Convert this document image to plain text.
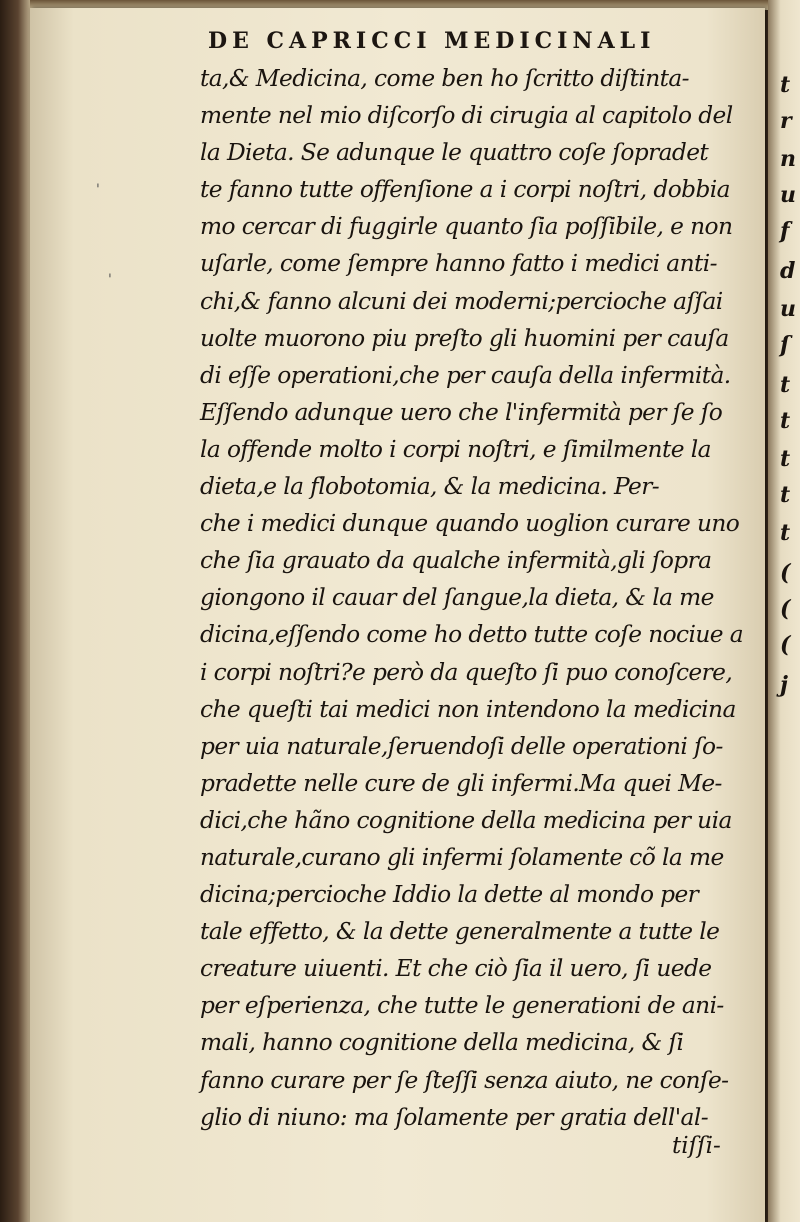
DE CAPRICCI MEDICINALI
ta,& Medicina, come ben ho ſcritto diſtinta-
mente nel mio diſcorſo di cirugia al capitolo del
la Dieta. Se adunque le quattro coſe ſopradet
te fanno tutte offenſione a i corpi noſtri, dobbia
mo cercar di fuggirle quanto ſia poſſibile, e non
uſarle, come ſempre hanno fatto i medici anti-
chi,& fanno alcuni dei moderni;percioche aſſai
uolte muorono piu preſto gli huomini per cauſa
di eſſe operationi,che per cauſa della infermità.
Eſſendo adunque uero che l'infermità per ſe ſo
la offende molto i corpi noſtri, e ſimilmente la
dieta,e la flobotomia, & la medicina. Per-
che i medici dunque quando uoglion curare uno
che ſia grauato da qualche infermità,gli ſopra
giongono il cauar del ſangue,la dieta, & la me
dicina,eſſendo come ho detto tutte coſe nociue a
i corpi noſtri?e però da queſto ſi puo conoſcere,
che queſti tai medici non intendono la medicina
per uia naturale,ſeruendoſi delle operationi ſo-
pradette nelle cure de gli infermi.Ma quei Me-
dici,che hãno cognitione della medicina per uia
naturale,curano gli infermi ſolamente cõ la me
dicina;percioche Iddio la dette al mondo per
tale effetto, & la dette generalmente a tutte le
creature uiuenti. Et che ciò ſia il uero, ſi uede
per eſperienza, che tutte le generationi de ani-
mali, hanno cognitione della medicina, & ſi
fanno curare per ſe ſteſſi senza aiuto, ne conſe-
glio di niuno: ma ſolamente per gratia dell'al-
tiſſi-
ꞌ
ꞌ
t
r
n
u
f
d
u
ſ
t
t
t
t
t
(
(
(
j
